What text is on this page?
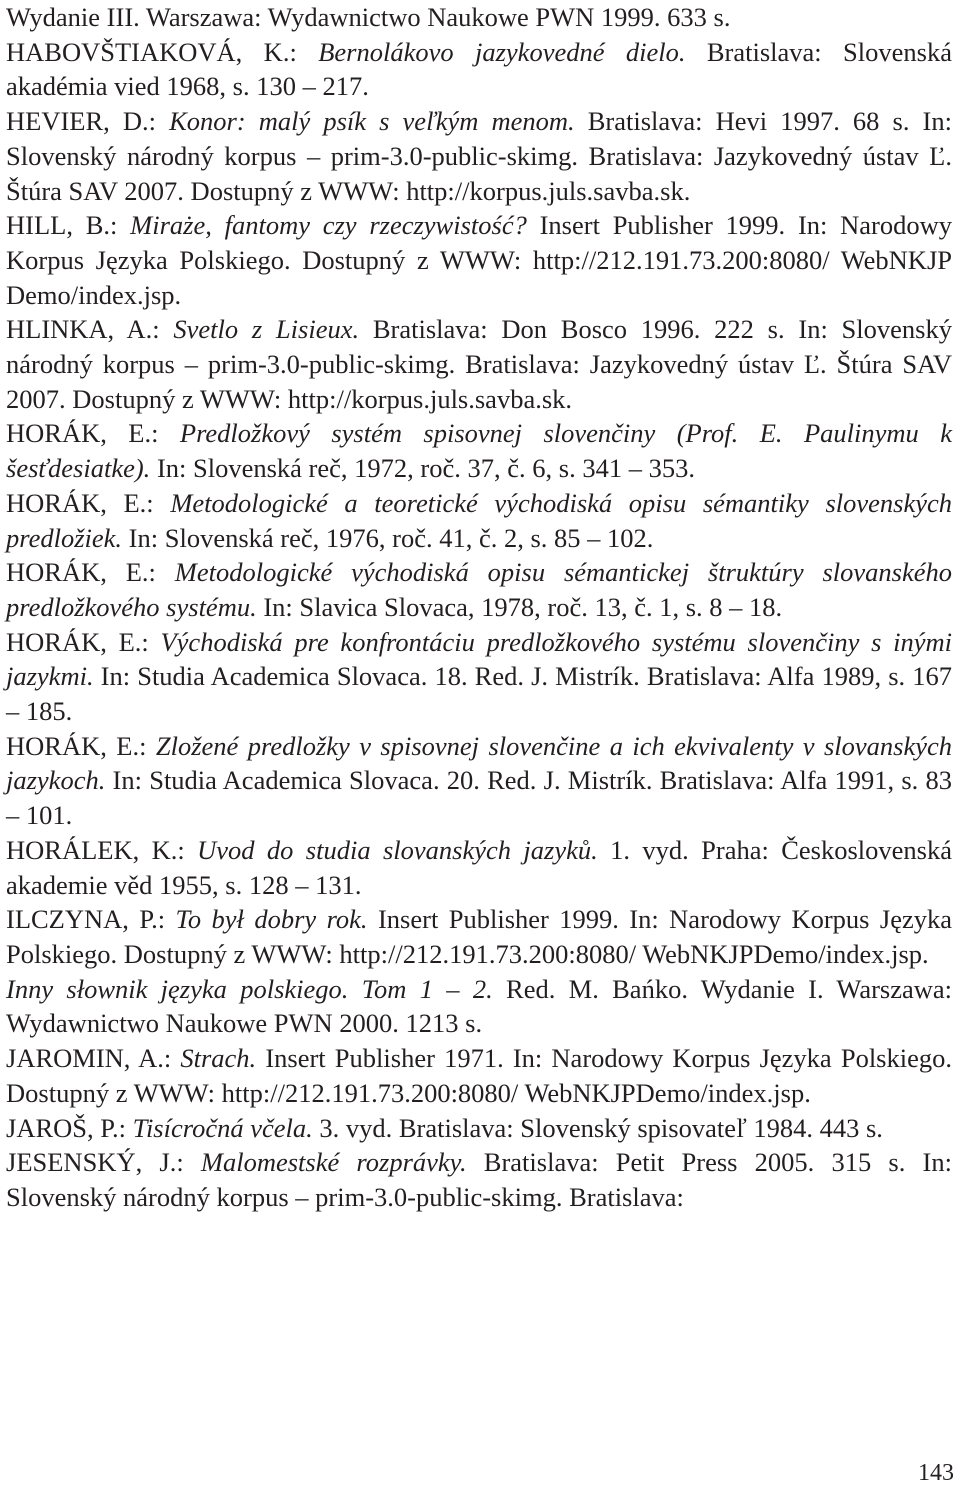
Wydanie III. Warszawa: Wydawnictwo Naukowe PWN 1999. 633 s.

HABOVŠTIAKOVÁ, K.: Bernolákovo jazykovedné dielo. Bratislava: Slovenská akadémia vied 1968, s. 130 – 217.

HEVIER, D.: Konor: malý psík s veľkým menom. Bratislava: Hevi 1997. 68 s. In: Slovenský národný korpus – prim-3.0-public-skimg. Bratislava: Jazykovedný ústav Ľ. Štúra SAV 2007. Dostupný z WWW: http://korpus.juls.savba.sk.

HILL, B.: Miraże, fantomy czy rzeczywistość? Insert Publisher 1999. In: Narodowy Korpus Języka Polskiego. Dostupný z WWW: http://212.191.73.200:8080/ WebNKJP Demo/index.jsp.

HLINKA, A.: Svetlo z Lisieux. Bratislava: Don Bosco 1996. 222 s. In: Slovenský národný korpus – prim-3.0-public-skimg. Bratislava: Jazykovedný ústav Ľ. Štúra SAV 2007. Dostupný z WWW: http://korpus.juls.savba.sk.

HORÁK, E.: Predložkový systém spisovnej slovenčiny (Prof. E. Paulinymu k šesťdesiatke). In: Slovenská reč, 1972, roč. 37, č. 6, s. 341 – 353.

HORÁK, E.: Metodologické a teoretické východiská opisu sémantiky slovenských predložiek. In: Slovenská reč, 1976, roč. 41, č. 2, s. 85 – 102.

HORÁK, E.: Metodologické východiská opisu sémantickej štruktúry slovanského predložkového systému. In: Slavica Slovaca, 1978, roč. 13, č. 1, s. 8 – 18.

HORÁK, E.: Východiská pre konfrontáciu predložkového systému slovenčiny s inými jazykmi. In: Studia Academica Slovaca. 18. Red. J. Mistrík. Bratislava: Alfa 1989, s. 167 – 185.

HORÁK, E.: Zložené predložky v spisovnej slovenčine a ich ekvivalenty v slovanských jazykoch. In: Studia Academica Slovaca. 20. Red. J. Mistrík. Bratislava: Alfa 1991, s. 83 – 101.

HORÁLEK, K.: Uvod do studia slovanských jazyků. 1. vyd. Praha: Československá akademie věd 1955, s. 128 – 131.

ILCZYNA, P.: To był dobry rok. Insert Publisher 1999. In: Narodowy Korpus Języka Polskiego. Dostupný z WWW: http://212.191.73.200:8080/ WebNKJPDemo/index.jsp.

Inny słownik języka polskiego. Tom 1 – 2. Red. M. Bańko. Wydanie I. Warszawa: Wydawnictwo Naukowe PWN 2000. 1213 s.

JAROMIN, A.: Strach. Insert Publisher 1971. In: Narodowy Korpus Języka Polskiego. Dostupný z WWW: http://212.191.73.200:8080/ WebNKJPDemo/index.jsp.

JAROŠ, P.: Tisícročná včela. 3. vyd. Bratislava: Slovenský spisovateľ 1984. 443 s.

JESENSKÝ, J.: Malomestské rozprávky. Bratislava: Petit Press 2005. 315 s. In: Slovenský národný korpus – prim-3.0-public-skimg. Bratislava:

143
